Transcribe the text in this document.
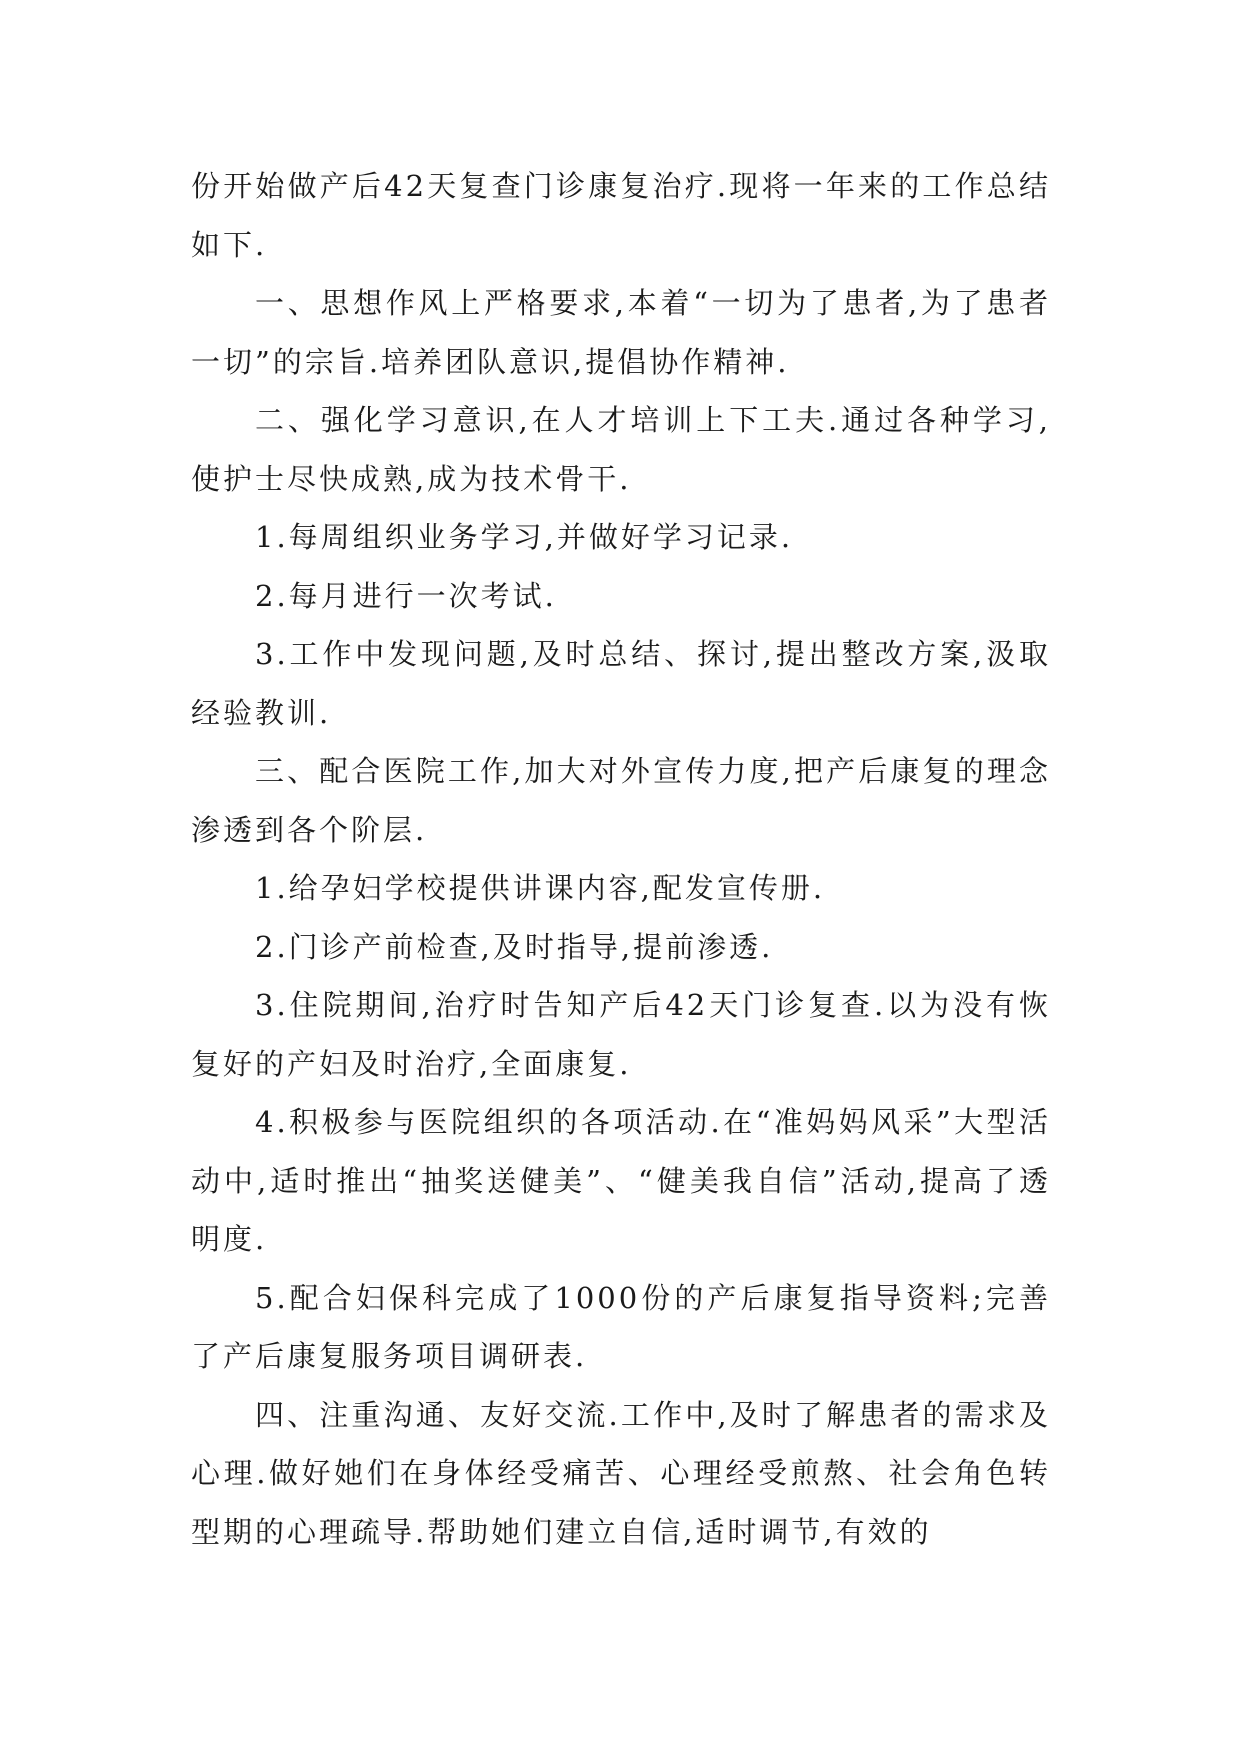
份开始做产后42天复查门诊康复治疗.现将一年来的工作总结如下.

一、思想作风上严格要求,本着“一切为了患者,为了患者一切”的宗旨.培养团队意识,提倡协作精神.

二、强化学习意识,在人才培训上下工夫.通过各种学习,使护士尽快成熟,成为技术骨干.

1.每周组织业务学习,并做好学习记录.

2.每月进行一次考试.

3.工作中发现问题,及时总结、探讨,提出整改方案,汲取经验教训.

三、配合医院工作,加大对外宣传力度,把产后康复的理念渗透到各个阶层.

1.给孕妇学校提供讲课内容,配发宣传册.

2.门诊产前检查,及时指导,提前渗透.

3.住院期间,治疗时告知产后42天门诊复查.以为没有恢复好的产妇及时治疗,全面康复.

4.积极参与医院组织的各项活动.在“准妈妈风采”大型活动中,适时推出“抽奖送健美”、“健美我自信”活动,提高了透明度.

5.配合妇保科完成了1000份的产后康复指导资料;完善了产后康复服务项目调研表.

四、注重沟通、友好交流.工作中,及时了解患者的需求及心理.做好她们在身体经受痛苦、心理经受煎熬、社会角色转型期的心理疏导.帮助她们建立自信,适时调节,有效的
